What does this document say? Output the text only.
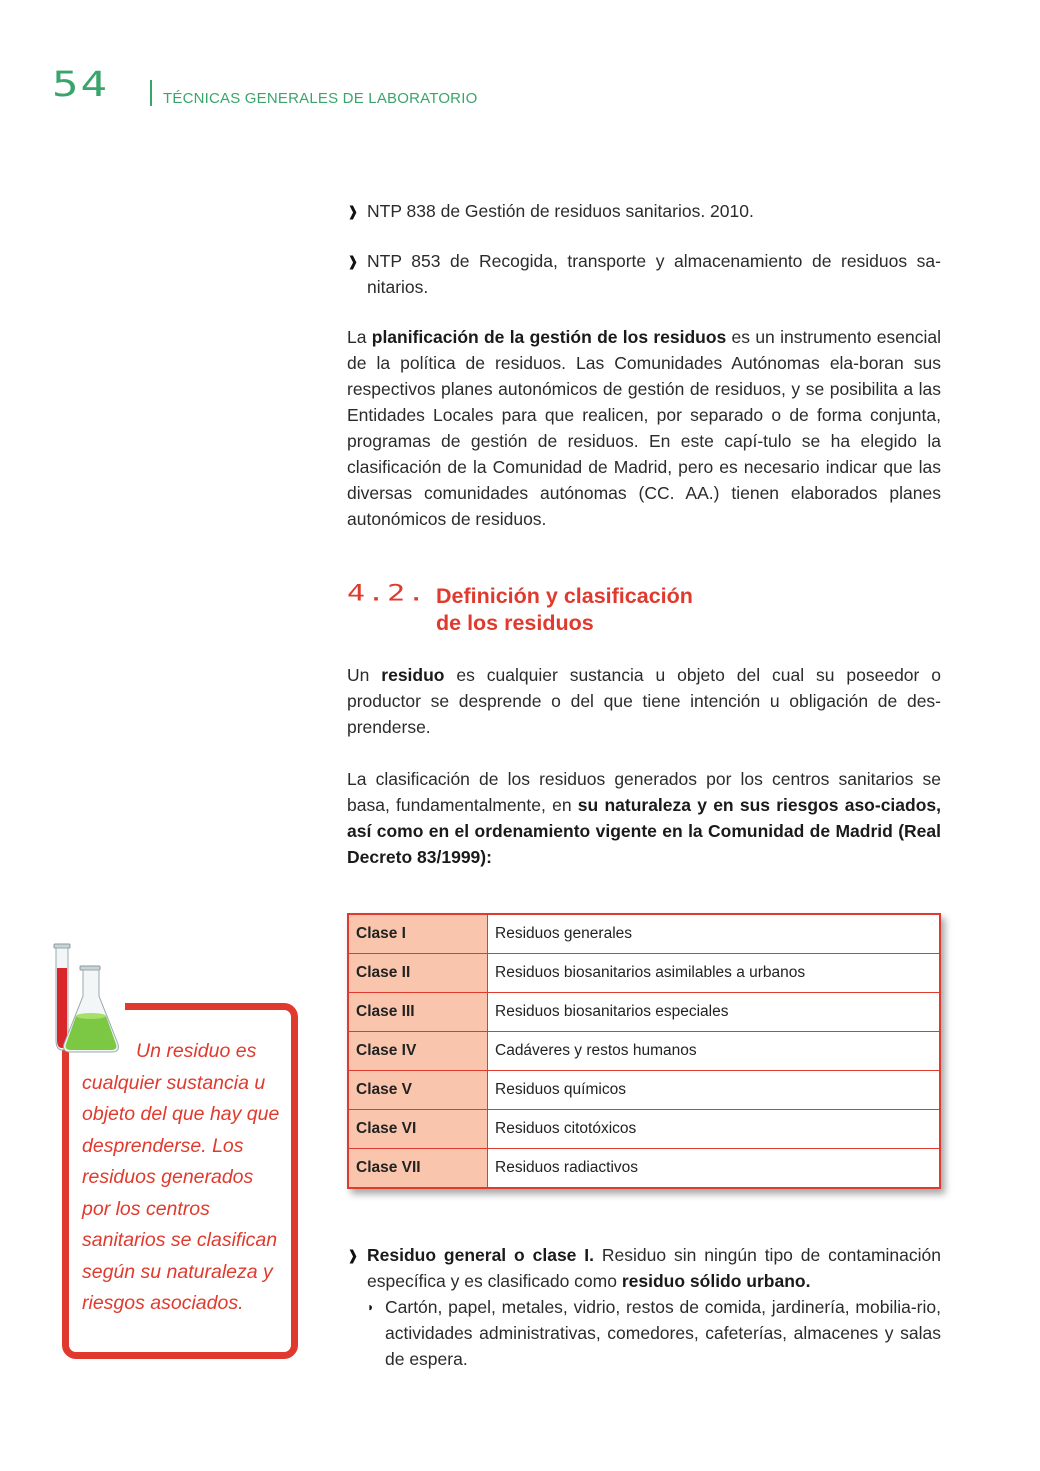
54	TÉCNICAS GENERALES DE LABORATORIO
❱ NTP 838 de Gestión de residuos sanitarios. 2010.
❱ NTP 853 de Recogida, transporte y almacenamiento de residuos sa-nitarios.
La planificación de la gestión de los residuos es un instrumento esencial de la política de residuos. Las Comunidades Autónomas ela-boran sus respectivos planes autonómicos de gestión de residuos, y se posibilita a las Entidades Locales para que realicen, por separado o de forma conjunta, programas de gestión de residuos. En este capí-tulo se ha elegido la clasificación de la Comunidad de Madrid, pero es necesario indicar que las diversas comunidades autónomas (CC. AA.) tienen elaborados planes autonómicos de residuos.
4.2. Definición y clasificación
de los residuos
Un residuo es cualquier sustancia u objeto del cual su poseedor o productor se desprende o del que tiene intención u obligación de des-prenderse.
La clasificación de los residuos generados por los centros sanitarios se basa, fundamentalmente, en su naturaleza y en sus riesgos aso-ciados, así como en el ordenamiento vigente en la Comunidad de Madrid (Real Decreto 83/1999):
Clase I	Residuos generales
Clase II	Residuos biosanitarios asimilables a urbanos
Clase III	Residuos biosanitarios especiales
Clase IV	Cadáveres y restos humanos
Clase V	Residuos químicos
Clase VI	Residuos citotóxicos
Clase VII	Residuos radiactivos
❱ Residuo general o clase I. Residuo sin ningún tipo de contaminación específica y es clasificado como residuo sólido urbano.
◗ Cartón, papel, metales, vidrio, restos de comida, jardinería, mobilia-rio, actividades administrativas, comedores, cafeterías, almacenes y salas de espera.
Un residuo es
cualquier sustancia u objeto del que hay que desprenderse. Los residuos generados por los centros sanitarios se clasifican según su naturaleza y riesgos asociados.
